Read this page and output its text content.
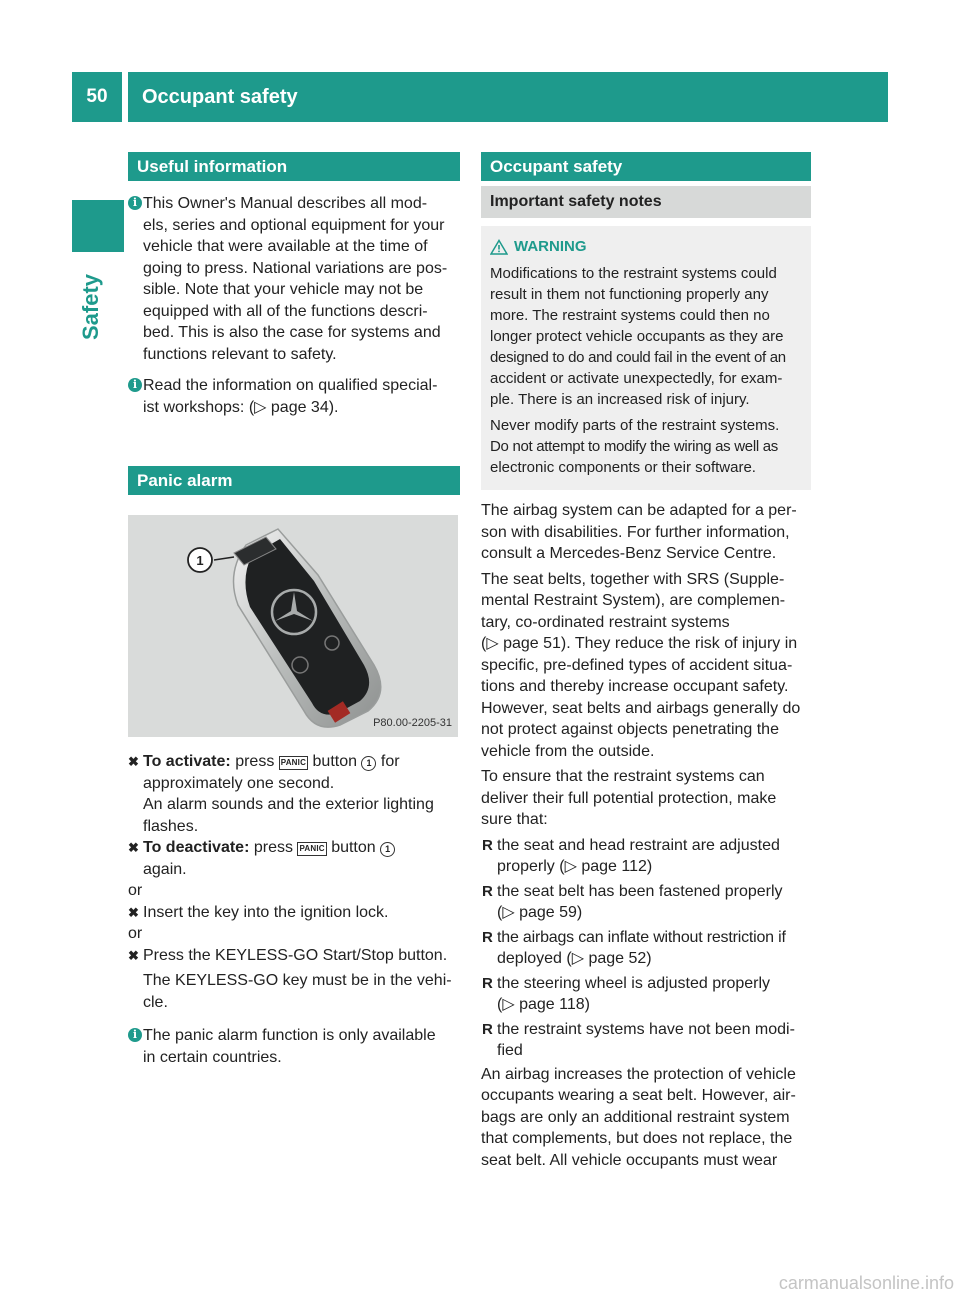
50	Occupant safety
Safety
Useful information
i This Owner's Manual describes all mod-

els, series and optional equipment for your

vehicle that were available at the time of

going to press. National variations are pos-

sible. Note that your vehicle may not be

equipped with all of the functions descri-

bed. This is also the case for systems and

functions relevant to safety.

i Read the information on qualified special-

ist workshops: (▷ page 34).

Panic alarm
1
P80.00-2205-31
✖ To activate: press PANIC button 1 for

approximately one second.

An alarm sounds and the exterior lighting

flashes.

✖ To deactivate: press PANIC button 1

again.

or

✖ Insert the key into the ignition lock.

or

✖ Press the KEYLESS-GO Start/Stop button.

The KEYLESS-GO key must be in the vehi-

cle.

i The panic alarm function is only available

in certain countries.

Occupant safety
Important safety notes
WARNING

Modifications to the restraint systems could

result in them not functioning properly any

more. The restraint systems could then no

longer protect vehicle occupants as they are

designed to do and could fail in the event of an

accident or activate unexpectedly, for exam-

ple. There is an increased risk of injury.

Never modify parts of the restraint systems.

Do not attempt to modify the wiring as well as

electronic components or their software.

The airbag system can be adapted for a per-

son with disabilities. For further information,

consult a Mercedes-Benz Service Centre.

The seat belts, together with SRS (Supple-

mental Restraint System), are complemen-

tary, co-ordinated restraint systems

(▷ page 51). They reduce the risk of injury in

specific, pre-defined types of accident situa-

tions and thereby increase occupant safety.

However, seat belts and airbags generally do

not protect against objects penetrating the

vehicle from the outside.

To ensure that the restraint systems can

deliver their full potential protection, make

sure that:

R the seat and head restraint are adjusted

properly (▷ page 112)

R the seat belt has been fastened properly

(▷ page 59)

R the airbags can inflate without restriction if

deployed (▷ page 52)

R the steering wheel is adjusted properly

(▷ page 118)

R the restraint systems have not been modi-

fied

An airbag increases the protection of vehicle

occupants wearing a seat belt. However, air-

bags are only an additional restraint system

that complements, but does not replace, the

seat belt. All vehicle occupants must wear

carmanualsonline.info
